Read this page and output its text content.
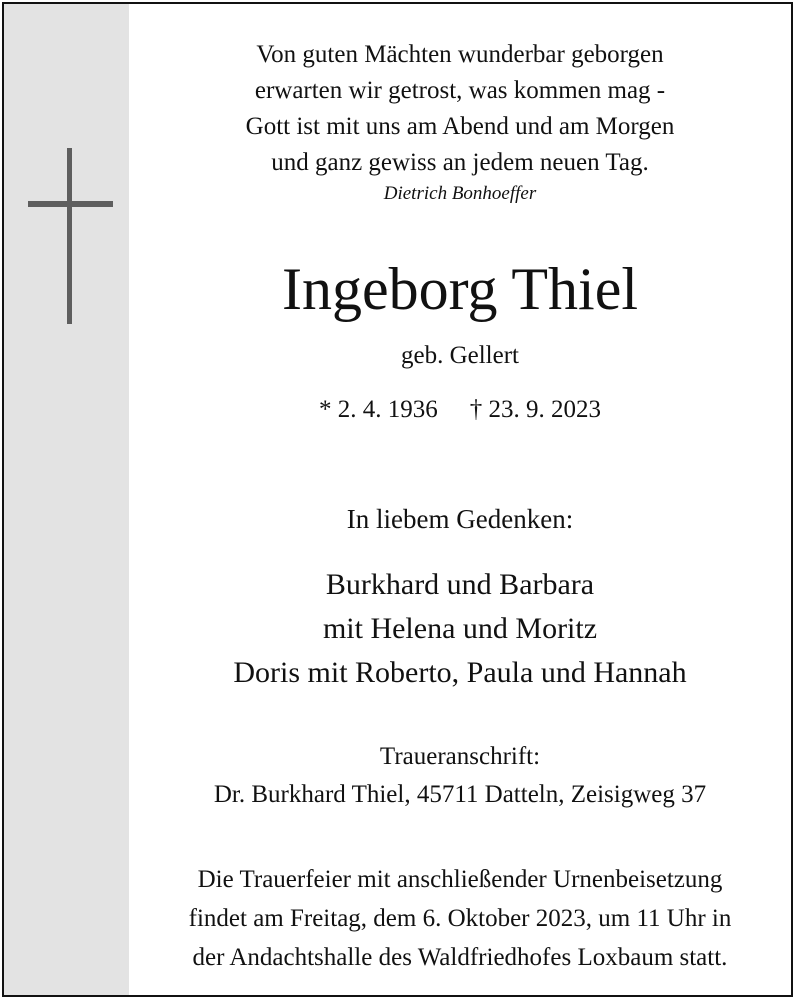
Von guten Mächten wunderbar geborgen
erwarten wir getrost, was kommen mag -
Gott ist mit uns am Abend und am Morgen
und ganz gewiss an jedem neuen Tag.
Dietrich Bonhoeffer
Ingeborg Thiel
geb. Gellert
* 2. 4. 1936 † 23. 9. 2023
In liebem Gedenken:
Burkhard und Barbara
mit Helena und Moritz
Doris mit Roberto, Paula und Hannah
Traueranschrift:
Dr. Burkhard Thiel, 45711 Datteln, Zeisigweg 37
Die Trauerfeier mit anschließender Urnenbeisetzung
findet am Freitag, dem 6. Oktober 2023, um 11 Uhr in
der Andachtshalle des Waldfriedhofes Loxbaum statt.
